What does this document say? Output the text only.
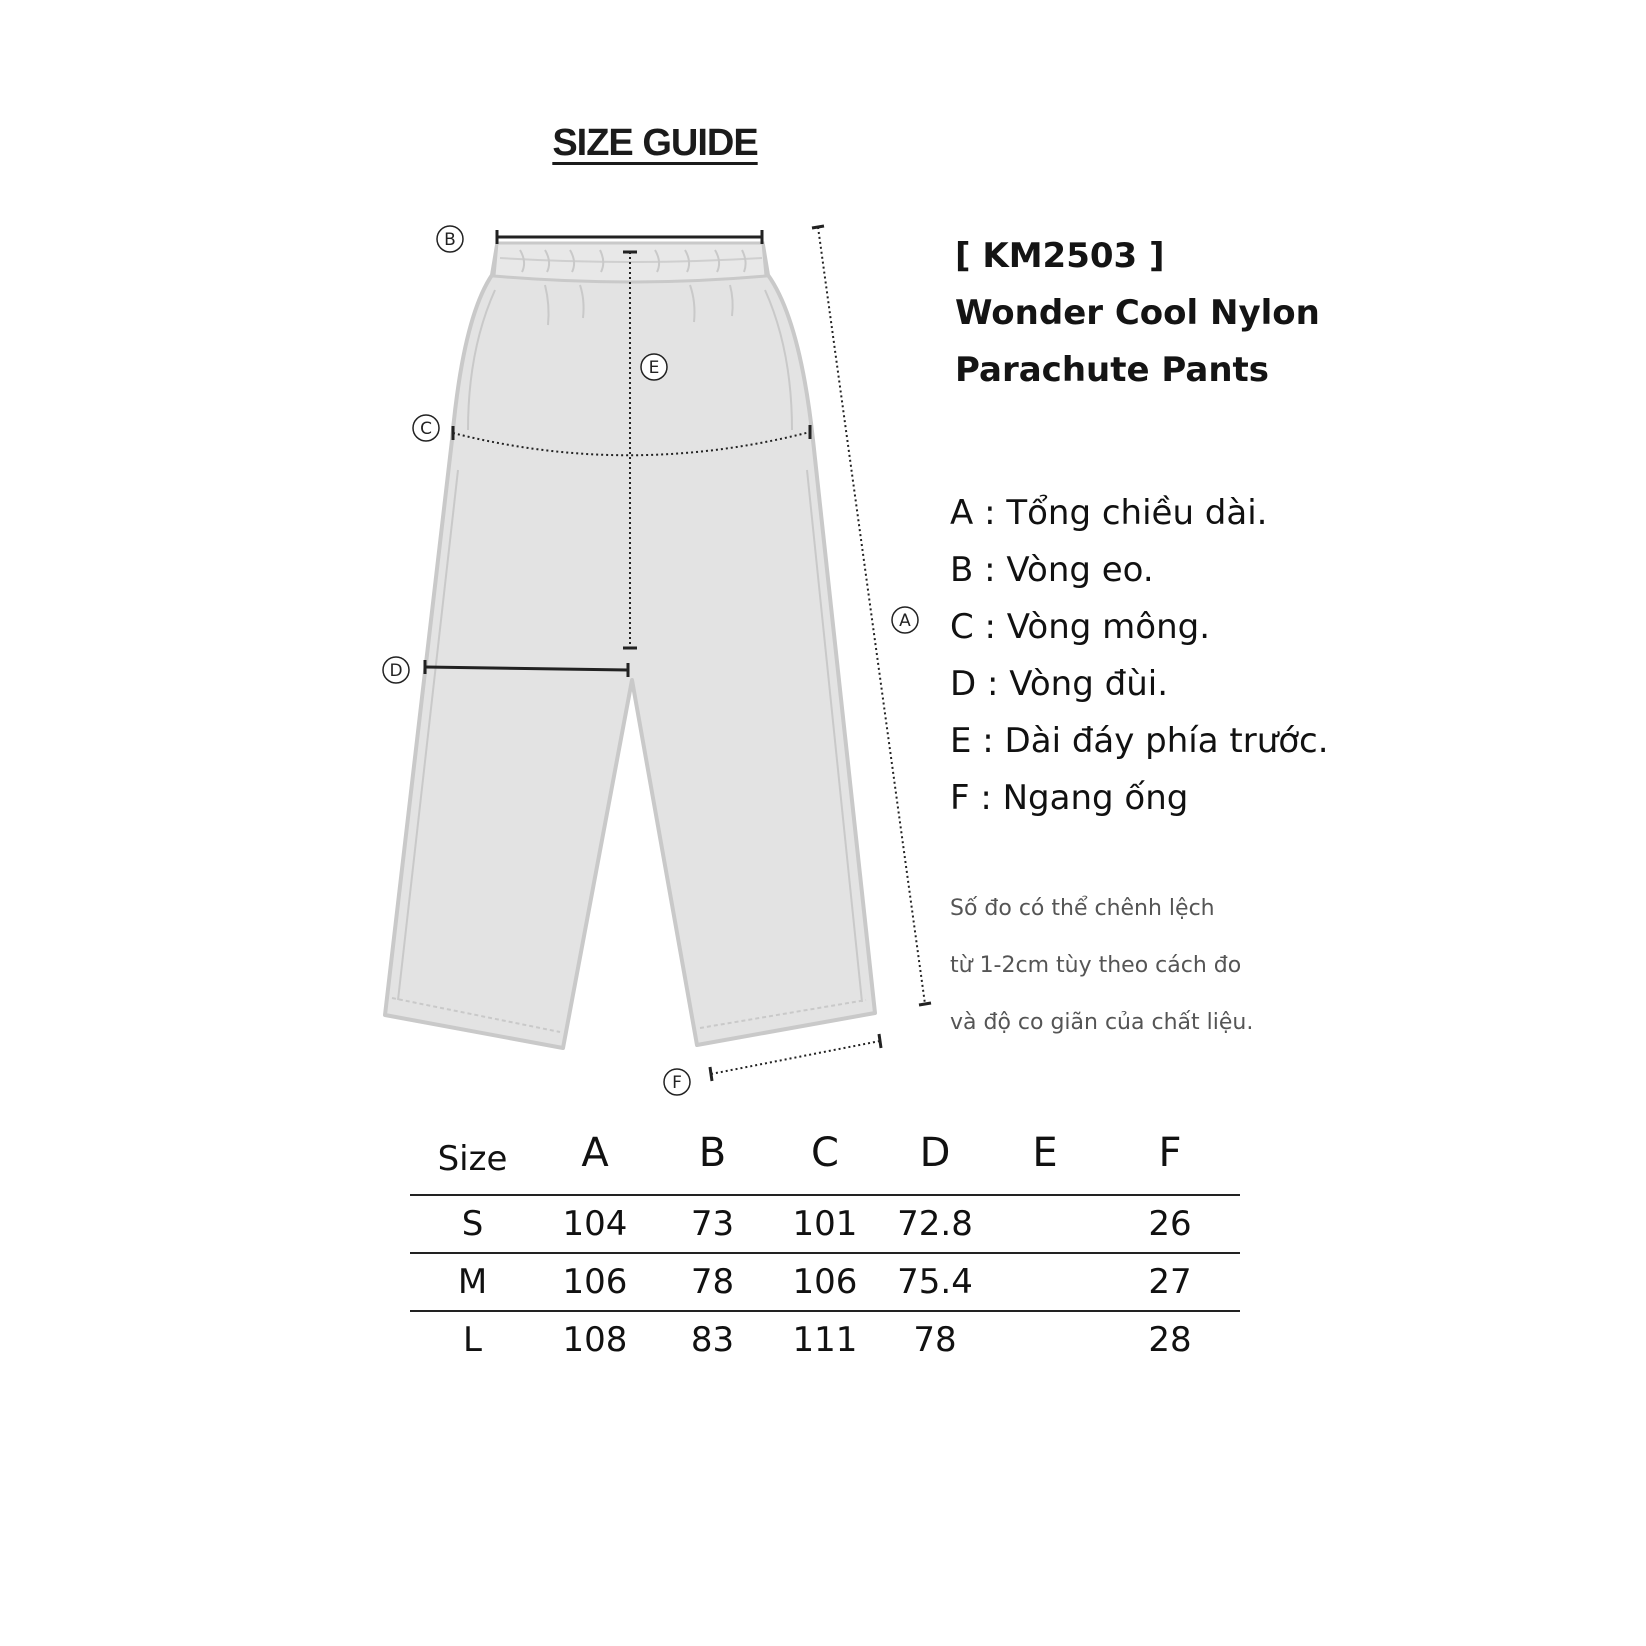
SIZE GUIDE
B
E
C
D
A
F
[ KM2503 ]
Wonder Cool Nylon
Parachute Pants
A : Tổng chiều dài.
B : Vòng eo.
C : Vòng mông.
D : Vòng đùi.
E : Dài đáy phía trước.
F : Ngang ống
Số đo có thể chênh lệch
từ 1-2cm tùy theo cách đo
và độ co giãn của chất liệu.
Size	A	B	C	D	E	F
S	104	73	101	72.8		26
M	106	78	106	75.4		27
L	108	83	111	78		28
